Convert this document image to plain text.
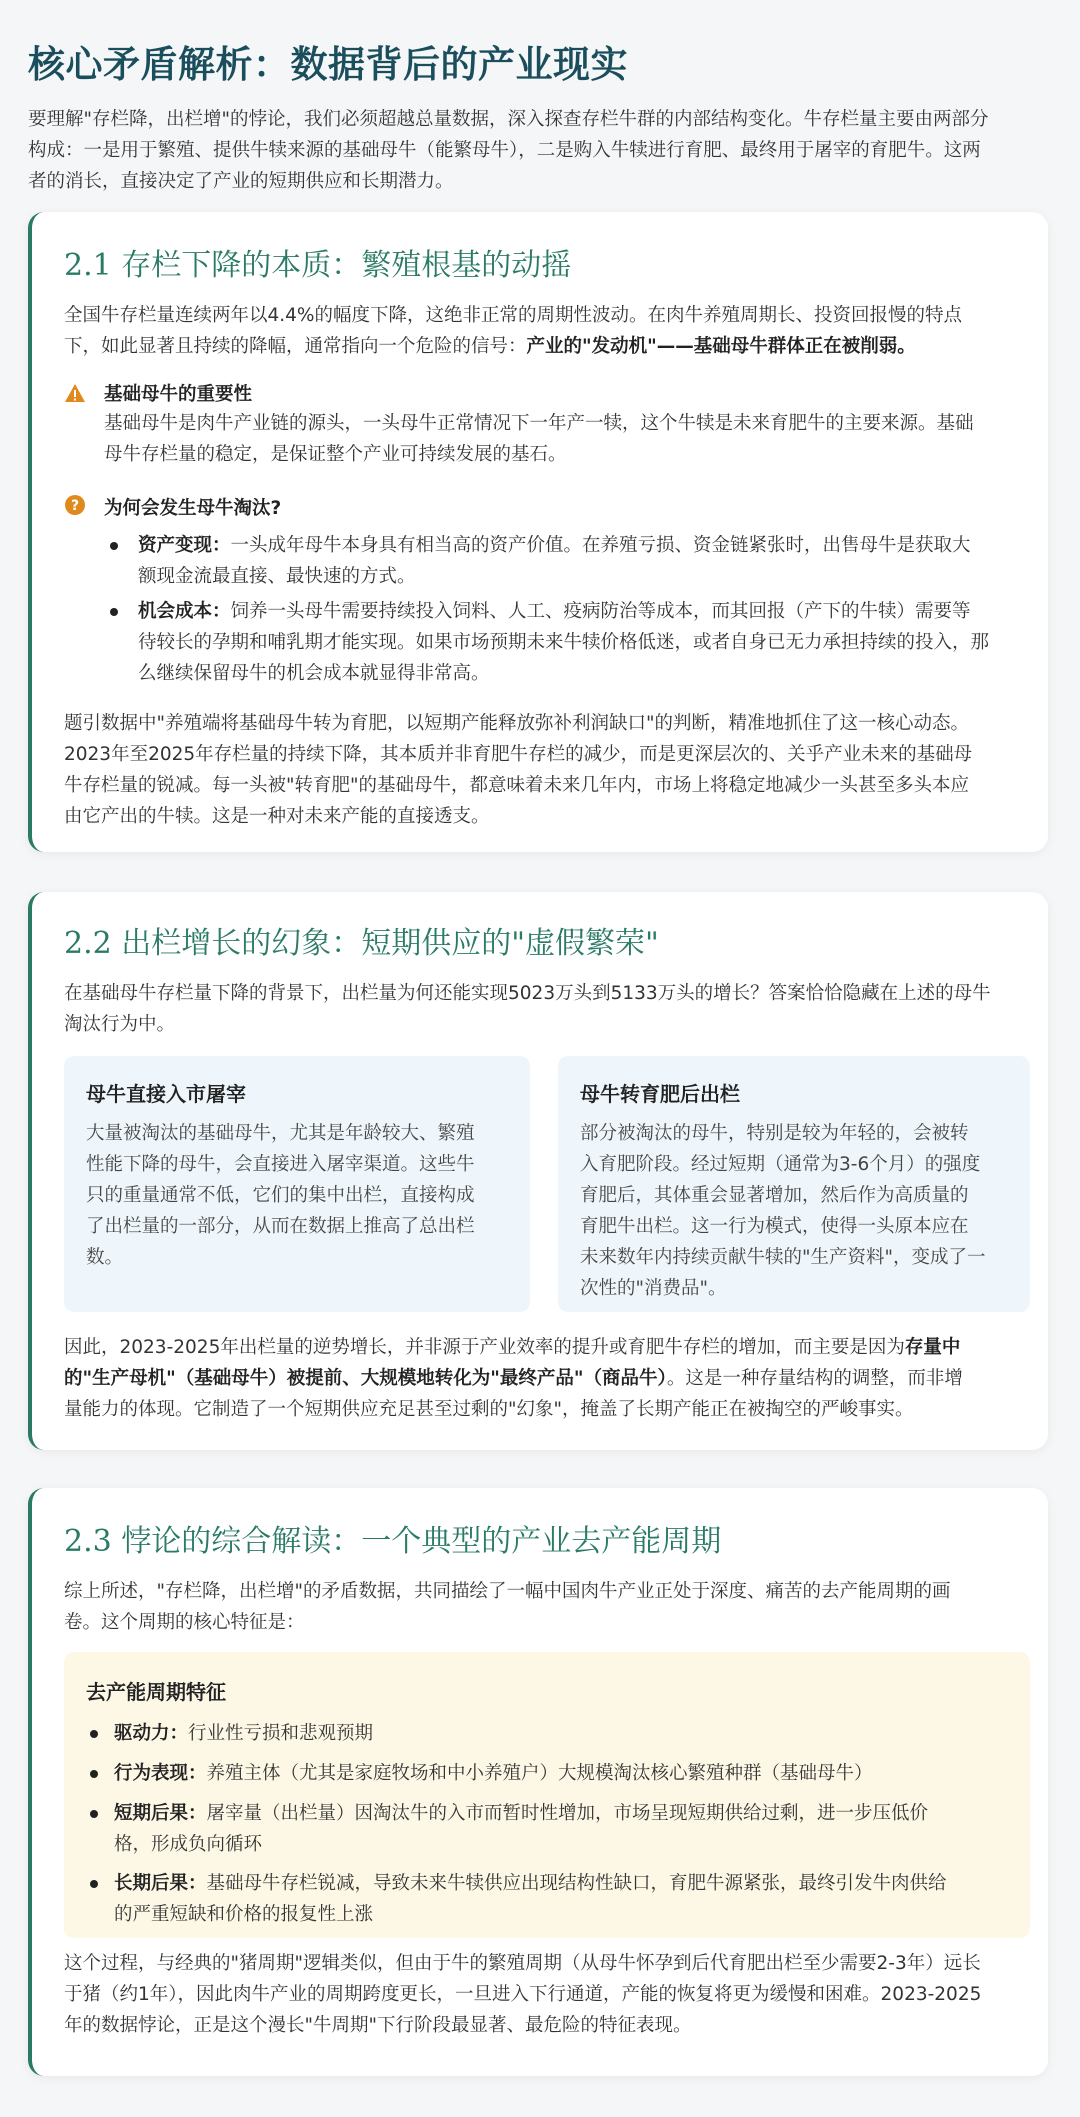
核心矛盾解析：数据背后的产业现实
要理解"存栏降，出栏增"的悖论，我们必须超越总量数据，深入探查存栏牛群的内部结构变化。牛存栏量主要由两部分
构成：一是用于繁殖、提供牛犊来源的基础母牛（能繁母牛），二是购入牛犊进行育肥、最终用于屠宰的育肥牛。这两
者的消长，直接决定了产业的短期供应和长期潜力。
2.1 存栏下降的本质：繁殖根基的动摇
全国牛存栏量连续两年以4.4%的幅度下降，这绝非正常的周期性波动。在肉牛养殖周期长、投资回报慢的特点
下，如此显著且持续的降幅，通常指向一个危险的信号：产业的"发动机"——基础母牛群体正在被削弱。
基础母牛的重要性
基础母牛是肉牛产业链的源头，一头母牛正常情况下一年产一犊，这个牛犊是未来育肥牛的主要来源。基础
母牛存栏量的稳定，是保证整个产业可持续发展的基石。
? 为何会发生母牛淘汰?
资产变现：一头成年母牛本身具有相当高的资产价值。在养殖亏损、资金链紧张时，出售母牛是获取大
额现金流最直接、最快速的方式。
机会成本：饲养一头母牛需要持续投入饲料、人工、疫病防治等成本，而其回报（产下的牛犊）需要等
待较长的孕期和哺乳期才能实现。如果市场预期未来牛犊价格低迷，或者自身已无力承担持续的投入，那
么继续保留母牛的机会成本就显得非常高。
题引数据中"养殖端将基础母牛转为育肥，以短期产能释放弥补利润缺口"的判断，精准地抓住了这一核心动态。
2023年至2025年存栏量的持续下降，其本质并非育肥牛存栏的减少，而是更深层次的、关乎产业未来的基础母
牛存栏量的锐减。每一头被"转育肥"的基础母牛，都意味着未来几年内，市场上将稳定地减少一头甚至多头本应
由它产出的牛犊。这是一种对未来产能的直接透支。
2.2 出栏增长的幻象：短期供应的"虚假繁荣"
在基础母牛存栏量下降的背景下，出栏量为何还能实现5023万头到5133万头的增长？答案恰恰隐藏在上述的母牛
淘汰行为中。
母牛直接入市屠宰
大量被淘汰的基础母牛，尤其是年龄较大、繁殖
性能下降的母牛，会直接进入屠宰渠道。这些牛
只的重量通常不低，它们的集中出栏，直接构成
了出栏量的一部分，从而在数据上推高了总出栏
数。
母牛转育肥后出栏
部分被淘汰的母牛，特别是较为年轻的，会被转
入育肥阶段。经过短期（通常为3-6个月）的强度
育肥后，其体重会显著增加，然后作为高质量的
育肥牛出栏。这一行为模式，使得一头原本应在
未来数年内持续贡献牛犊的"生产资料"，变成了一
次性的"消费品"。
因此，2023-2025年出栏量的逆势增长，并非源于产业效率的提升或育肥牛存栏的增加，而主要是因为存量中
的"生产母机"（基础母牛）被提前、大规模地转化为"最终产品"（商品牛）。这是一种存量结构的调整，而非增
量能力的体现。它制造了一个短期供应充足甚至过剩的"幻象"，掩盖了长期产能正在被掏空的严峻事实。
2.3 悖论的综合解读：一个典型的产业去产能周期
综上所述，"存栏降，出栏增"的矛盾数据，共同描绘了一幅中国肉牛产业正处于深度、痛苦的去产能周期的画
卷。这个周期的核心特征是：
去产能周期特征
驱动力：行业性亏损和悲观预期
行为表现：养殖主体（尤其是家庭牧场和中小养殖户）大规模淘汰核心繁殖种群（基础母牛）
短期后果：屠宰量（出栏量）因淘汰牛的入市而暂时性增加，市场呈现短期供给过剩，进一步压低价
格，形成负向循环
长期后果：基础母牛存栏锐减，导致未来牛犊供应出现结构性缺口，育肥牛源紧张，最终引发牛肉供给
的严重短缺和价格的报复性上涨
这个过程，与经典的"猪周期"逻辑类似，但由于牛的繁殖周期（从母牛怀孕到后代育肥出栏至少需要2-3年）远长
于猪（约1年），因此肉牛产业的周期跨度更长，一旦进入下行通道，产能的恢复将更为缓慢和困难。2023-2025
年的数据悖论，正是这个漫长"牛周期"下行阶段最显著、最危险的特征表现。
